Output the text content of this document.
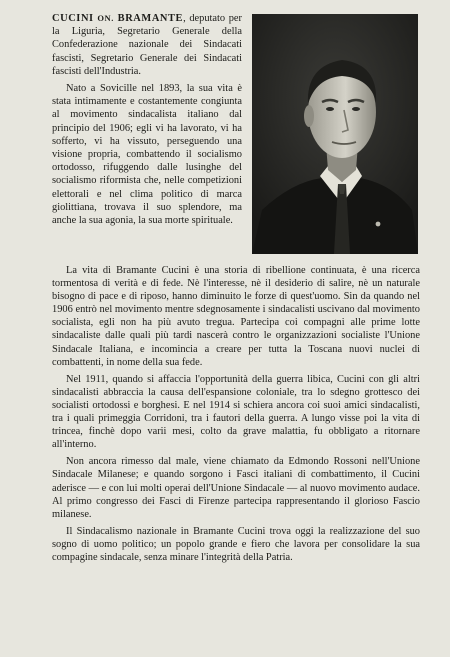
CUCINI ON. BRAMANTE, deputato per la Liguria, Segretario Generale della Confederazione nazionale dei Sindacati fascisti, Segretario Generale dei Sindacati fascisti dell'Industria.

Nato a Sovicille nel 1893, la sua vita è stata intimamente e costantemente congiunta al movimento sindacalista italiano dal principio del 1906; egli vi ha lavorato, vi ha sofferto, vi ha vissuto, perseguendo una visione propria, combattendo il socialismo ortodosso, rifuggendo dalle lusinghe del socialismo riformista che, nelle competizioni elettorali e nel clima politico di marca giolittiana, trovava il suo splendore, ma anche la sua agonia, la sua morte spirituale.

La vita di Bramante Cucini è una storia di ribellione continuata, è una ricerca tormentosa di verità e di fede. Nè l'interesse, nè il desiderio di salire, nè un naturale bisogno di pace e di riposo, hanno diminuito le forze di quest'uomo. Sin da quando nel 1906 entrò nel movimento mentre sdegnosamente i sindacalisti uscivano dal movimento socialista, egli non ha più avuto tregua. Partecipa coi compagni alle prime lotte sindacaliste dalle quali più tardi nascerà contro le organizzazioni socialiste l'Unione Sindacale Italiana, e incomincia a creare per tutta la Toscana nuovi nuclei di combattenti, in nome della sua fede.

Nel 1911, quando si affaccia l'opportunità della guerra libica, Cucini con gli altri sindacalisti abbraccia la causa dell'espansione coloniale, tra lo sdegno grottesco dei socialisti ortodossi e borghesi. E nel 1914 si schiera ancora coi suoi amici sindacalisti, tra i quali primeggia Corridoni, tra i fautori della guerra. A lungo visse poi la vita di trincea, finchè dopo varii mesi, colto da grave malattia, fu obbligato a ritornare all'interno.

Non ancora rimesso dal male, viene chiamato da Edmondo Rossoni nell'Unione Sindacale Milanese; e quando sorgono i Fasci italiani di combattimento, il Cucini aderisce — e con lui molti operai dell'Unione Sindacale — al nuovo movimento audace. Al primo congresso dei Fasci di Firenze partecipa rappresentando il glorioso Fascio milanese.

Il Sindacalismo nazionale in Bramante Cucini trova oggi la realizzazione del suo sogno di uomo politico; un popolo grande e fiero che lavora per consolidare la sua compagine sindacale, senza minare l'integrità della Patria.
